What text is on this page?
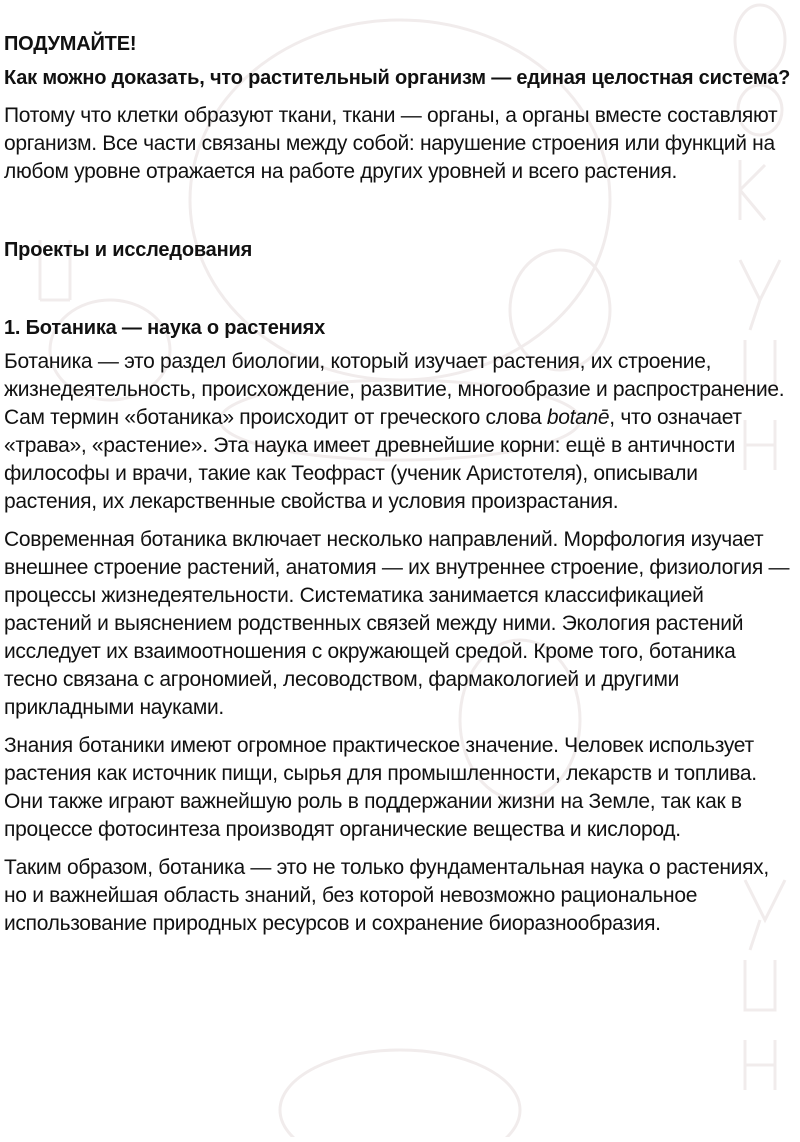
ПОДУМАЙТЕ!
Как можно доказать, что растительный организм — единая целостная система?

Потому что клетки образуют ткани, ткани — органы, а органы вместе составляют организм. Все части связаны между собой: нарушение строения или функций на любом уровне отражается на работе других уровней и всего растения.

Проекты и исследования
1. Ботаника — наука о растениях

Ботаника — это раздел биологии, который изучает растения, их строение, жизнедеятельность, происхождение, развитие, многообразие и распространение. Сам термин «ботаника» происходит от греческого слова botanē, что означает «трава», «растение». Эта наука имеет древнейшие корни: ещё в античности философы и врачи, такие как Теофраст (ученик Аристотеля), описывали растения, их лекарственные свойства и условия произрастания.

Современная ботаника включает несколько направлений. Морфология изучает внешнее строение растений, анатомия — их внутреннее строение, физиология — процессы жизнедеятельности. Систематика занимается классификацией растений и выяснением родственных связей между ними. Экология растений исследует их взаимоотношения с окружающей средой. Кроме того, ботаника тесно связана с агрономией, лесоводством, фармакологией и другими прикладными науками.

Знания ботаники имеют огромное практическое значение. Человек использует растения как источник пищи, сырья для промышленности, лекарств и топлива. Они также играют важнейшую роль в поддержании жизни на Земле, так как в процессе фотосинтеза производят органические вещества и кислород.

Таким образом, ботаника — это не только фундаментальная наука о растениях, но и важнейшая область знаний, без которой невозможно рациональное использование природных ресурсов и сохранение биоразнообразия.
